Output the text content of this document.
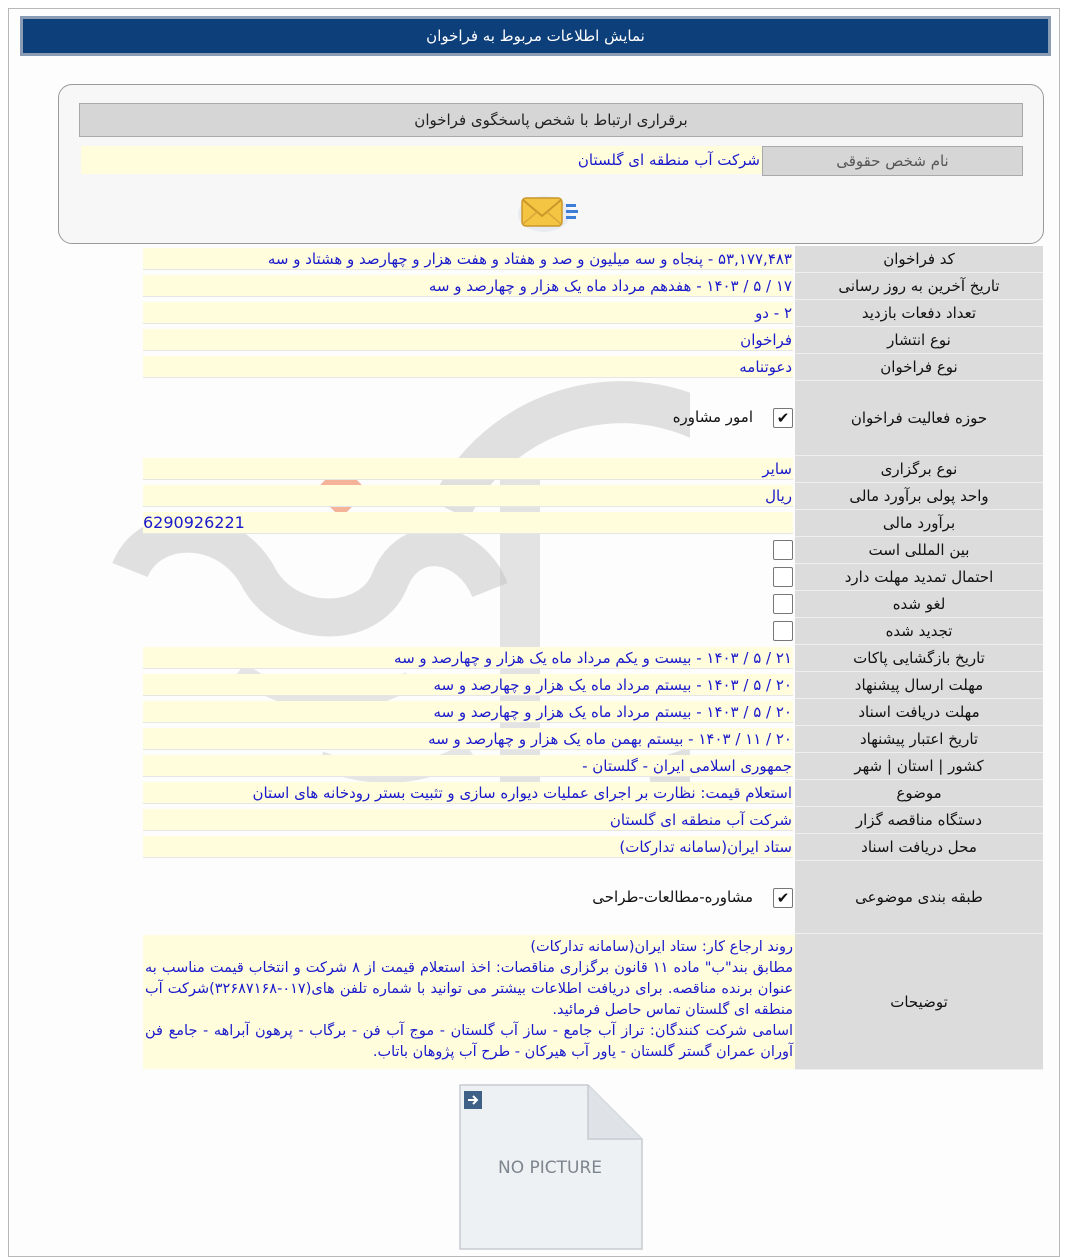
نمایش اطلاعات مربوط به فراخوان
برقراری ارتباط با شخص پاسخگوی فراخوان
نام شخص حقوقی
شرکت آب منطقه ای گلستان
کد فراخوان
۵۳,۱۷۷,۴۸۳ - پنجاه و سه میلیون و صد و هفتاد و هفت هزار و چهارصد و هشتاد و سه
تاریخ آخرین به روز رسانی
۱۷ / ۵ / ۱۴۰۳ - هفدهم مرداد ماه یک هزار و چهارصد و سه
تعداد دفعات بازدید
۲ - دو
نوع انتشار
فراخوان
نوع فراخوان
دعوتنامه
حوزه فعالیت فراخوان
✔
امور مشاوره
نوع برگزاری
سایر
واحد پولی برآورد مالی
ریال
برآورد مالی
6290926221
بین المللی است
احتمال تمدید مهلت دارد
لغو شده
تجدید شده
تاریخ بازگشایی پاکات
۲۱ / ۵ / ۱۴۰۳ - بیست و یکم مرداد ماه یک هزار و چهارصد و سه
مهلت ارسال پیشنهاد
۲۰ / ۵ / ۱۴۰۳ - بیستم مرداد ماه یک هزار و چهارصد و سه
مهلت دریافت اسناد
۲۰ / ۵ / ۱۴۰۳ - بیستم مرداد ماه یک هزار و چهارصد و سه
تاریخ اعتبار پیشنهاد
۲۰ / ۱۱ / ۱۴۰۳ - بیستم بهمن ماه یک هزار و چهارصد و سه
کشور | استان | شهر
جمهوری اسلامی ایران - گلستان -
موضوع
استعلام قیمت: نظارت بر اجرای عملیات دیواره سازی و تثبیت بستر رودخانه های استان
دستگاه مناقصه گزار
شرکت آب منطقه ای گلستان
محل دریافت اسناد
ستاد ایران(سامانه تدارکات)
طبقه بندی موضوعی
✔
مشاوره-مطالعات-طراحی
توضیحات

روند ارجاع کار: ستاد ایران(سامانه تدارکات)

مطابق بند"ب" ماده ۱۱ قانون برگزاری مناقصات: اخذ استعلام قیمت از ۸ شرکت و انتخاب قیمت مناسب به عنوان برنده مناقصه. برای دریافت اطلاعات بیشتر می توانید با شماره تلفن های(۰۱۷-۳۲۶۸۷۱۶۸)شرکت آب منطقه ای گلستان تماس حاصل فرمائید.

اسامی شرکت کنندگان: تراز آب جامع - ساز آب گلستان - موج آب فن - برگاب - پرهون آبراهه - جامع فن آوران عمران گستر گلستان - یاور آب هیرکان - طرح آب پژوهان باتاب.

NO PICTURE
